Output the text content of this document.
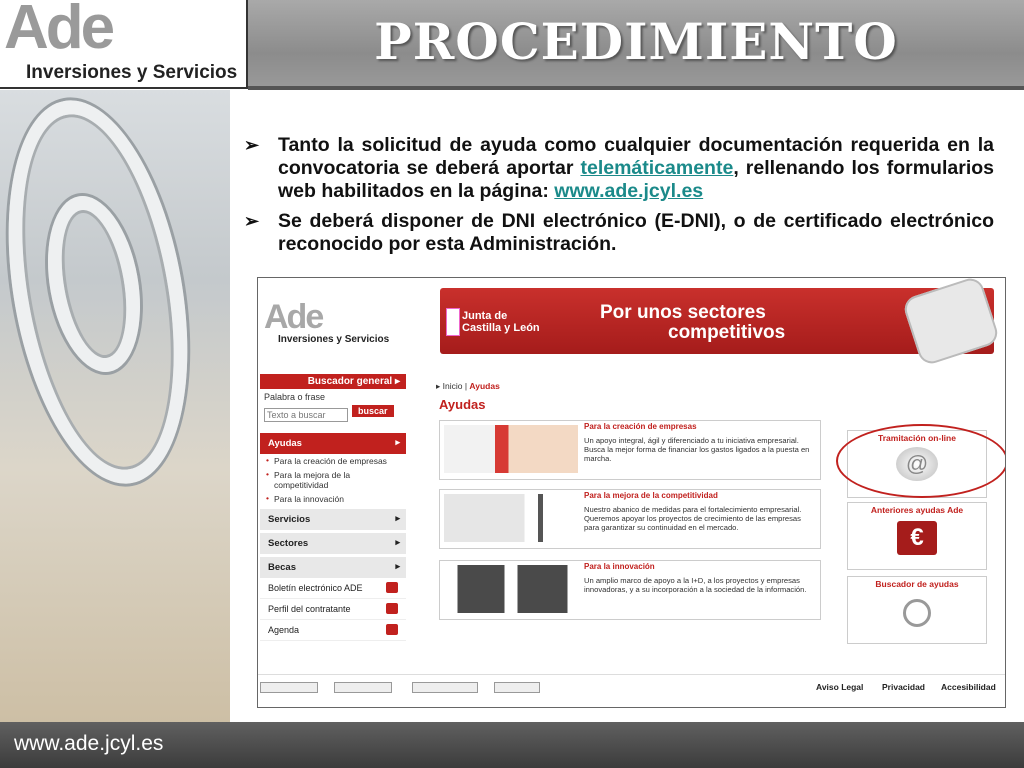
Ade
Inversiones y Servicios
PROCEDIMIENTO
➢ Tanto la solicitud de ayuda como cualquier documentación requerida en la convocatoria se deberá aportar telemáticamente, rellenando los formularios web habilitados en la página: www.ade.jcyl.es
➢ Se deberá disponer de DNI electrónico (E-DNI), o de certificado electrónico reconocido por esta Administración.
Ade
Inversiones y Servicios
Junta de
Castilla y León
Por unos sectores
competitivos
Buscador general ▸
Palabra o frase
Texto a buscar	buscar
Ayudas	▸
• Para la creación de empresas
• Para la mejora de la competitividad
• Para la innovación
Servicios	▸
Sectores	▸
Becas	▸
Boletín electrónico ADE
Perfil del contratante
Agenda
▸ Inicio | Ayudas
Ayudas
Para la creación de empresas
Un apoyo integral, ágil y diferenciado a tu iniciativa empresarial. Busca la mejor forma de financiar los gastos ligados a la puesta en marcha.
Para la mejora de la competitividad
Nuestro abanico de medidas para el fortalecimiento empresarial. Queremos apoyar los proyectos de crecimiento de las empresas para garantizar su continuidad en el mercado.
Para la innovación
Un amplio marco de apoyo a la I+D, a los proyectos y empresas innovadoras, y a su incorporación a la sociedad de la información.
Tramitación on-line
@
Anteriores ayudas Ade
€
Buscador de ayudas
Aviso Legal Privacidad Accesibilidad
www.ade.jcyl.es
